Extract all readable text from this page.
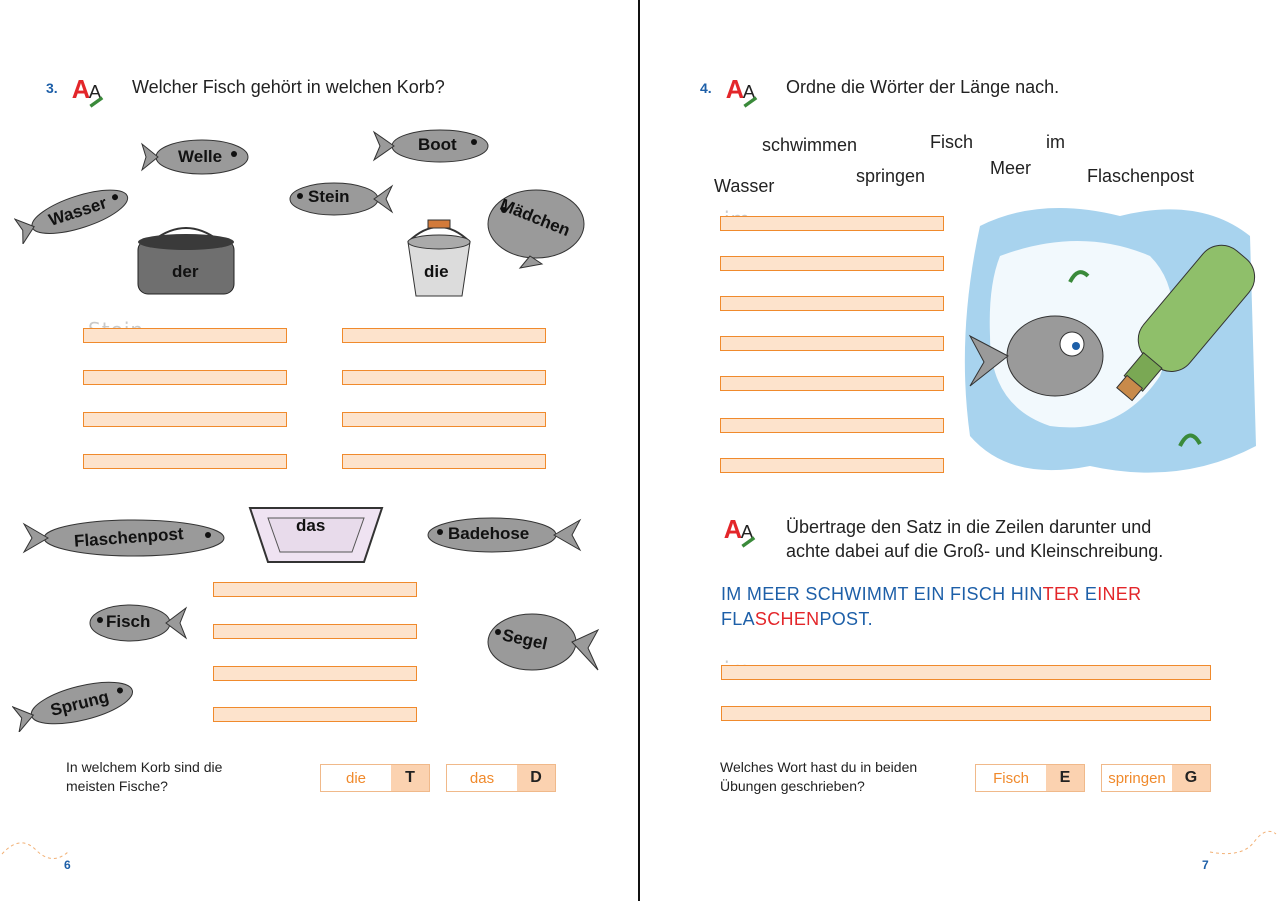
3. A
A Welcher Fisch gehört in welchen Korb?
Welle
Boot
Wasser	Stein	Mädchen
der	die
Flaschenpost	das	Badehose
Fisch
Segel
Sprung
In welchem Korb sind die
meisten Fische?	die	T	das	D
6
4. A
A Ordne die Wörter der Länge nach.
schwimmen	Fisch	im
Meer
Wasser	springen	Flaschenpost
A
A Übertrage den Satz in die Zeilen darunter und
achte dabei auf die Groß- und Kleinschreibung.
IM MEER SCHWIMMT EIN FISCH HINTER EINER
FLASCHENPOST.
Welches Wort hast du in beiden
Übungen geschrieben?	Fisch	E	springen	G
7
